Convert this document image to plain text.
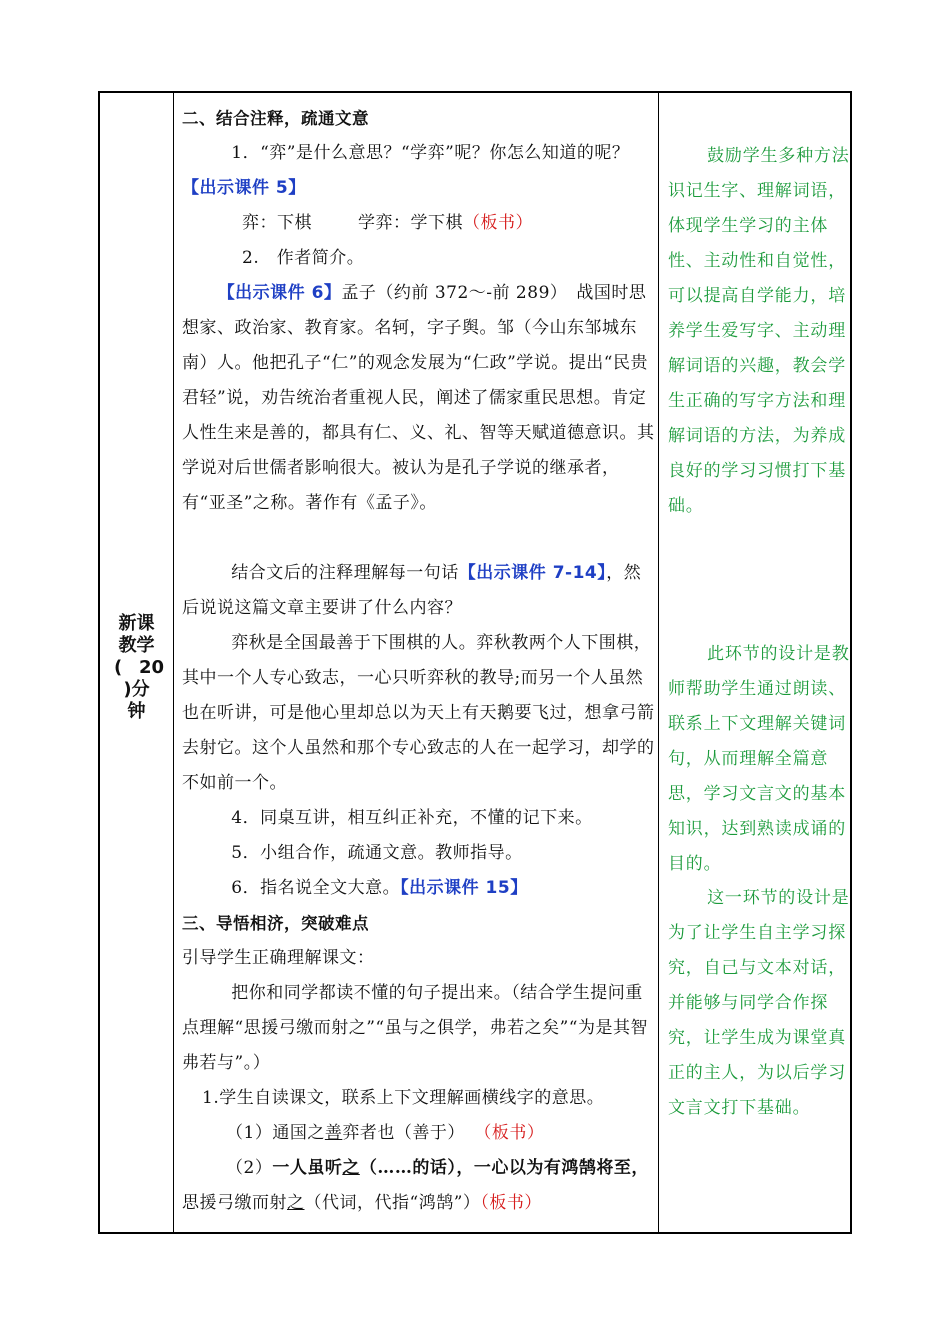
新课
教学
( 20
)分
钟

二、结合注释，疏通文意

1．“弈”是什么意思？“学弈”呢？你怎么知道的呢？【出示课件 5】

弈：下棋	学弈：学下棋（板书）

2.　作者简介。

【出示课件 6】孟子（约前 372～-前 289）　战国时思想家、政治家、教育家。名轲，字子舆。邹（今山东邹城东南）人。他把孔子“仁”的观念发展为“仁政”学说。提出“民贵君轻”说，劝告统治者重视人民，阐述了儒家重民思想。肯定人性生来是善的，都具有仁、义、礼、智等天赋道德意识。其学说对后世儒者影响很大。被认为是孔子学说的继承者，有“亚圣”之称。著作有《孟子》。

结合文后的注释理解每一句话【出示课件 7-14】，然后说说这篇文章主要讲了什么内容？

弈秋是全国最善于下围棋的人。弈秋教两个人下围棋，其中一个人专心致志，一心只听弈秋的教导;而另一个人虽然也在听讲，可是他心里却总以为天上有天鹅要飞过，想拿弓箭去射它。这个人虽然和那个专心致志的人在一起学习，却学的不如前一个。

4．同桌互讲，相互纠正补充，不懂的记下来。

5．小组合作，疏通文意。教师指导。

6．指名说全文大意。【出示课件 15】

三、导悟相济，突破难点

引导学生正确理解课文：

把你和同学都读不懂的句子提出来。（结合学生提问重点理解“思援弓缴而射之”“虽与之俱学，弗若之矣”“为是其智弗若与”。）

1.学生自读课文，联系上下文理解画横线字的意思。

（1）通国之善弈者也（善于） （板书）

（2）一人虽听之（……的话），一心以为有鸿鹄将至，思援弓缴而射之（代词，代指“鸿鹄”）（板书）

鼓励学生多种方法识记生字、理解词语，体现学生学习的主体性、主动性和自觉性，可以提高自学能力，培养学生爱写字、主动理解词语的兴趣，教会学生正确的写字方法和理解词语的方法，为养成良好的学习习惯打下基础。

此环节的设计是教师帮助学生通过朗读、联系上下文理解关键词句，从而理解全篇意思，学习文言文的基本知识，达到熟读成诵的目的。

这一环节的设计是为了让学生自主学习探究，自己与文本对话，并能够与同学合作探究，让学生成为课堂真正的主人，为以后学习文言文打下基础。
